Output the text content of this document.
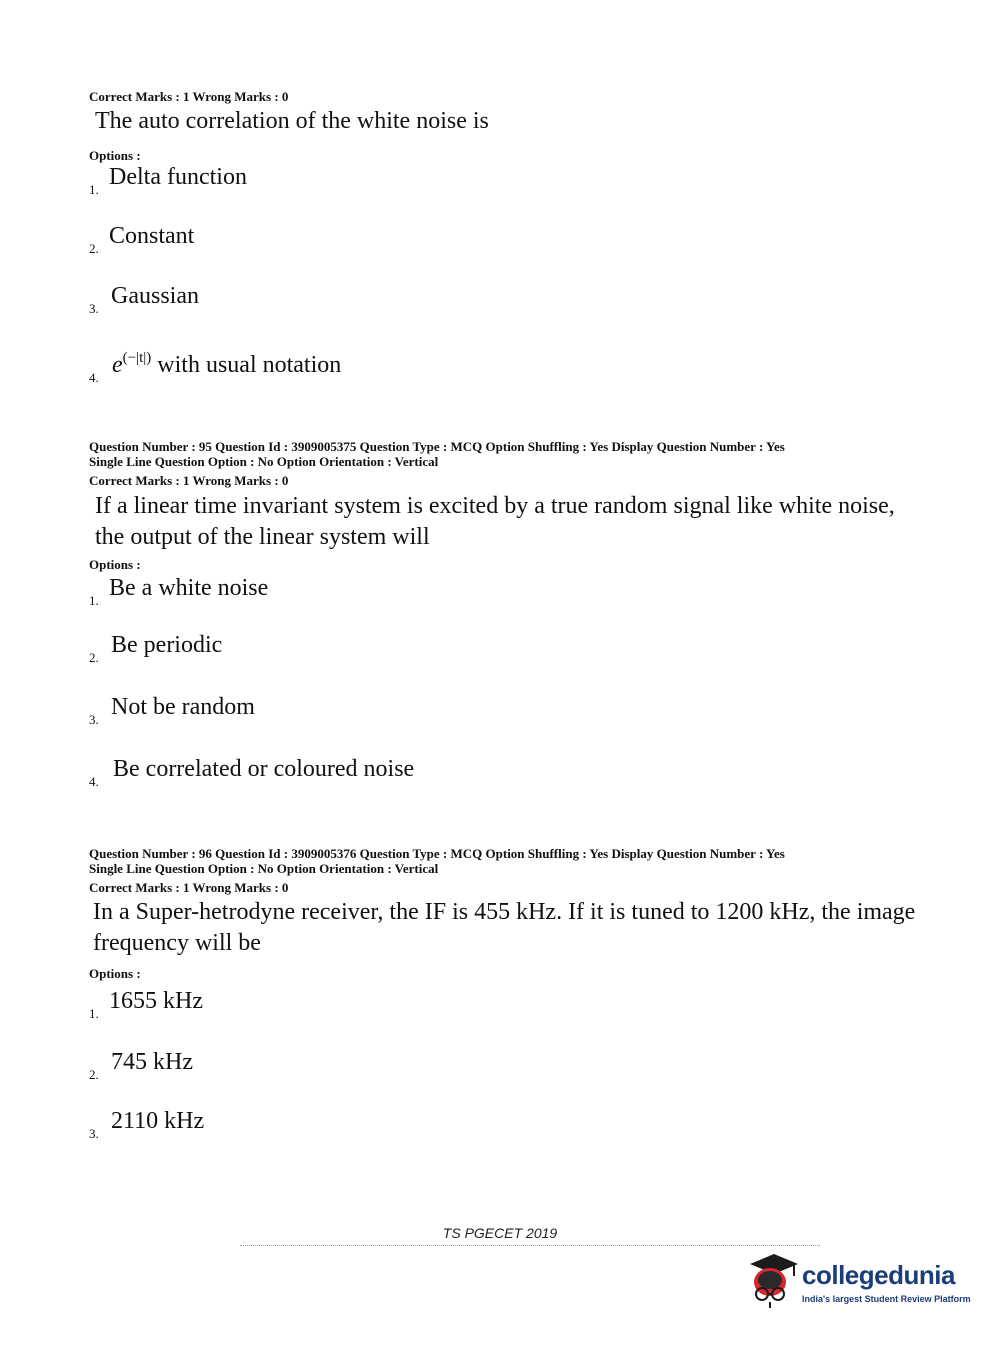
Correct Marks : 1 Wrong Marks : 0
The auto correlation of the white noise is
Options :
1. Delta function
2. Constant
3. Gaussian
4. $e^{(-|t|)}$ with usual notation
Question Number : 95 Question Id : 3909005375 Question Type : MCQ Option Shuffling : Yes Display Question Number : Yes
Single Line Question Option : No Option Orientation : Vertical
Correct Marks : 1 Wrong Marks : 0
If a linear time invariant system is excited by a true random signal like white noise,
the output of the linear system will
Options :
1. Be a white noise
2. Be periodic
3. Not be random
4. Be correlated or coloured noise
Question Number : 96 Question Id : 3909005376 Question Type : MCQ Option Shuffling : Yes Display Question Number : Yes
Single Line Question Option : No Option Orientation : Vertical
Correct Marks : 1 Wrong Marks : 0
In a Super-hetrodyne receiver, the IF is 455 kHz. If it is tuned to 1200 kHz, the image
frequency will be
Options :
1. 1655 kHz
2. 745 kHz
3. 2110 kHz
TS PGECET 2019
collegedunia
India's largest Student Review Platform
